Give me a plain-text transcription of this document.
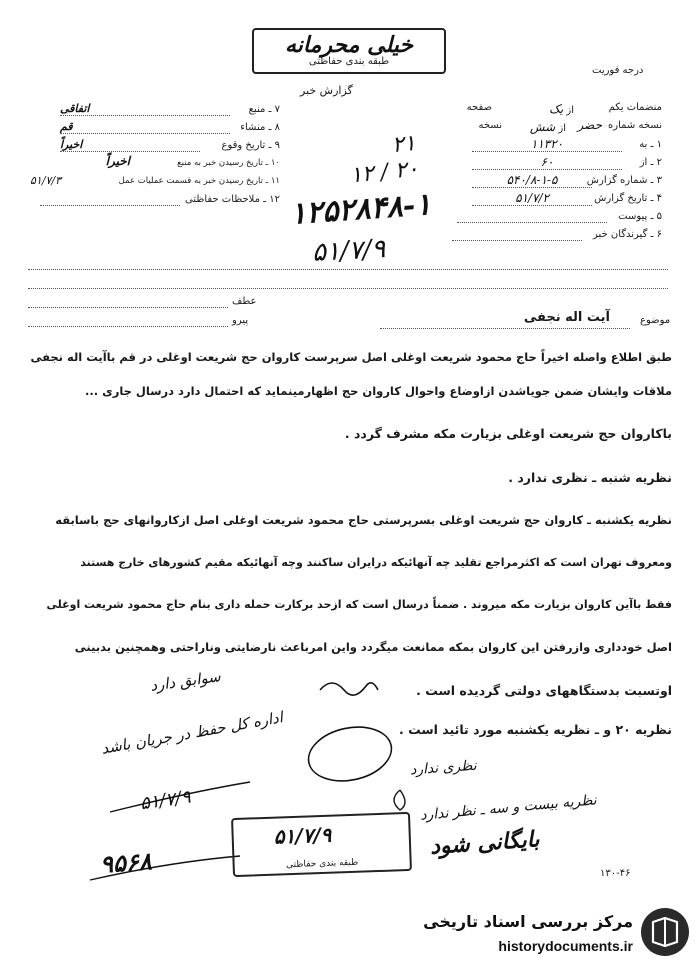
خیلی محرمانه
طبقه بندی حفاظتی
درجه فوریت
گزارش خبر
منضمات یکم
از یک
صفحه
نسخه شماره
حضر
از شش
نسخه
۱ ـ به
۱۱۳۲۰
۲ ـ از
۶۰
۳ ـ شماره گزارش
۵۴۰/۸-۱-۵
۴ ـ تاریخ گزارش
۵۱/۷/۲
۵ ـ پیوست
۶ ـ گیرندگان خبر
۷ ـ منبع
اتفاقی
۸ ـ منشاء
قم
۹ ـ تاریخ وقوع
اخیراً
۱۰ ـ تاریخ رسیدن خبر به منبع
اخیراً
۱۱ ـ تاریخ رسیدن خبر به قسمت عملیات عمل
۵۱/۷/۳
۱۲ ـ ملاحظات حفاظتی
۲۱
۱۲ / ۲۰
۱۲۵۲۸۴۸-۱
۵۱/۷/۹
عطف
پیرو	موضوع
آیت اله نجفی
طبق اطلاع واصله اخیراً حاج محمود شریعت اوغلی اصل سرپرست کاروان حج شریعت اوغلی در قم باآیت اله نجفی
ملاقات وایشان ضمن جویاشدن ازاوضاع واحوال کاروان حج اظهارمینماید که احتمال دارد درسال جاری ...
باکاروان حج شریعت اوغلی بزیارت مکه مشرف گردد .
نظریه شنبه ـ نظری ندارد .
نظریه یکشنبه ـ کاروان حج شریعت اوغلی بسرپرستی حاج محمود شریعت اوغلی اصل ازکاروانهای حج باسابقه
ومعروف تهران است که اکثرمراجع تقلید چه آنهائیکه درایران ساکنند وچه آنهائیکه مقیم کشورهای خارج هستند
فقط باآین کاروان بزیارت مکه میروند . ضمناً درسال است که ازحد برکارت حمله داری بنام حاج محمود شریعت اوغلی
اصل خودداری وازرفتن این کاروان بمکه ممانعت میگردد واین امرباعث نارضایتی وناراحتی وهمچنین بدبینی
اوتسبت بدستگاههای دولتی گردیده است .
نظریه ۲۰ و ـ نظریه یکشنبه مورد تائید است .
سوابق دارد
اداره کل حفظ در جریان باشد
۵۱/۷/۹
۹۵۶۸
نظری ندارد
نظریه بیست و سه ـ نظر ندارد
بایگانی شود
۵۱/۷/۹
طبقه بندی حفاظتی
۱۳۰-۴۶
مرکز بررسی اسناد تاریخی
historydocuments.ir
